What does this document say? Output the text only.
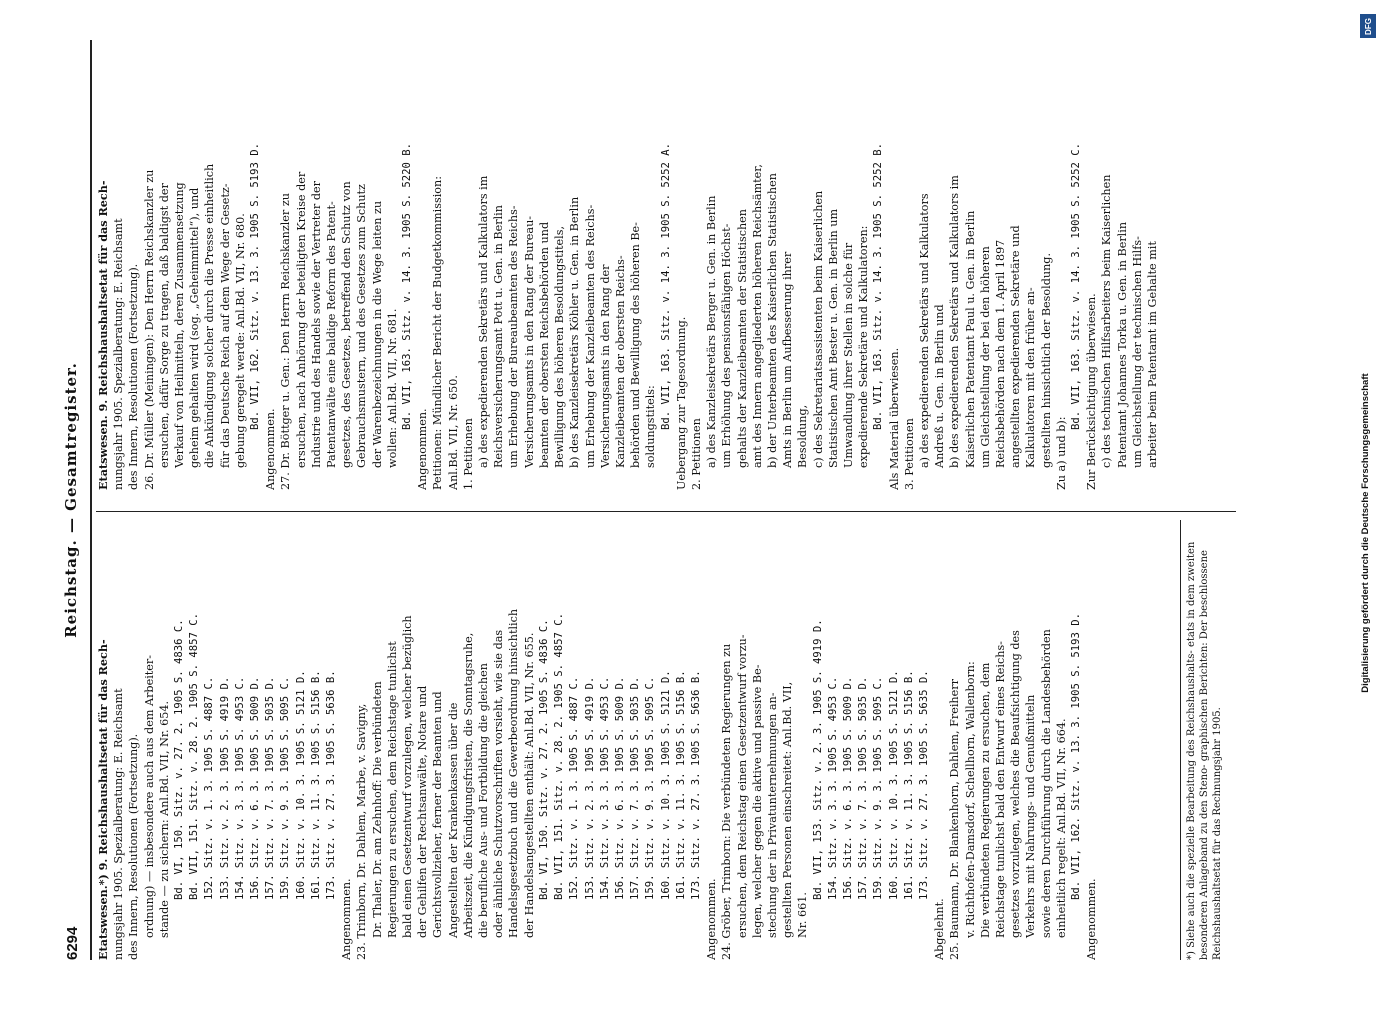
6294
Reichstag. — Gesamtregister.

Etatswesen.*) 9. Reichshaushaltsetat für das Rech- nungsjahr 1905. Spezialberatung: E. Reichsamt des Innern, Resolutionen (Fortsetzung). ordnung) — insbesondere auch aus dem Arbeiter- stande — zu sichern: Anl.Bd. VII, Nr. 654. Bd. VI, 150. Sitz. v. 27. 2. 1905 S. 4836 C. Bd. VII, 151. Sitz. v. 28. 2. 1905 S. 4857 C. 152. Sitz. v. 1. 3. 1905 S. 4887 C. 153. Sitz. v. 2. 3. 1905 S. 4919 D. 154. Sitz. v. 3. 3. 1905 S. 4953 C. 156. Sitz. v. 6. 3. 1905 S. 5009 D. 157. Sitz. v. 7. 3. 1905 S. 5035 D. 159. Sitz. v. 9. 3. 1905 S. 5095 C. 160. Sitz. v. 10. 3. 1905 S. 5121 D. 161. Sitz. v. 11. 3. 1905 S. 5156 B. 173. Sitz. v. 27. 3. 1905 S. 5636 B.

Angenommen. 23. Trimborn, Dr. Dahlem, Marbe, v. Savigny, Dr. Thaler, Dr. am Zehnhoff: Die verbündeten Regierungen zu ersuchen, dem Reichstage tunlichst bald einen Gesetzentwurf vorzulegen, welcher bezüglich der Gehilfen der Rechtsanwälte, Notare und Gerichtsvollzieher, ferner der Beamten und Angestellten der Krankenkassen über die Arbeitszeit, die Kündigungsfristen, die Sonntagsruhe, die berufliche Aus- und Fortbildung die gleichen oder ähnliche Schutzvorschriften vorsieht, wie sie das Handelsgesetzbuch und die Gewerbeordnung hinsichtlich der Handelsangestellten enthält: Anl.Bd. VII, Nr. 655. Bd. VI, 150. Sitz. v. 27. 2. 1905 S. 4836 C. Bd. VII, 151. Sitz. v. 28. 2. 1905 S. 4857 C. 152. Sitz. v. 1. 3. 1905 S. 4887 C. 153. Sitz. v. 2. 3. 1905 S. 4919 D. 154. Sitz. v. 3. 3. 1905 S. 4953 C. 156. Sitz. v. 6. 3. 1905 S. 5009 D. 157. Sitz. v. 7. 3. 1905 S. 5035 D. 159. Sitz. v. 9. 3. 1905 S. 5095 C. 160. Sitz. v. 10. 3. 1905 S. 5121 D. 161. Sitz. v. 11. 3. 1905 S. 5156 B. 173. Sitz. v. 27. 3. 1905 S. 5636 B.

Angenommen. 24. Gröber, Trimborn: Die verbündeten Regierungen zu ersuchen, dem Reichstag einen Gesetzentwurf vorzu- legen, welcher gegen die aktive und passive Be- stechung der in Privatunternehmungen an- gestellten Personen einschreitet: Anl.Bd. VII, Nr. 661.

Bd. VII, 153. Sitz. v. 2. 3. 1905 S. 4919 D. 154. Sitz. v. 3. 3. 1905 S. 4953 C. 156. Sitz. v. 6. 3. 1905 S. 5009 D. 157. Sitz. v. 7. 3. 1905 S. 5035 D. 159. Sitz. v. 9. 3. 1905 S. 5095 C. 160. Sitz. v. 10. 3. 1905 S. 5121 D. 161. Sitz. v. 11. 3. 1905 S. 5156 B. 173. Sitz. v. 27. 3. 1905 S. 5635 D.

Abgelehnt. 25. Baumann, Dr. Blankenhorn, Dahlem, Freiherr v. Richthofen-Damsdorf, Schellhorn, Wallenborn: Die verbündeten Regierungen zu ersuchen, dem Reichstage tunlichst bald den Entwurf eines Reichs- gesetzes vorzulegen, welches die Beaufsichtigung des Verkehrs mit Nahrungs- und Genußmitteln sowie deren Durchführung durch die Landesbehörden einheitlich regelt: Anl.Bd. VII, Nr. 664. Bd. VII, 162. Sitz. v. 13. 3. 1905 S. 5193 D.

Angenommen.

Etatswesen. 9. Reichshaushaltsetat für das Rech- nungsjahr 1905. Spezialberatung: E. Reichsamt des Innern, Resolutionen (Fortsetzung). 26. Dr. Müller (Meiningen): Den Herrn Reichskanzler zu ersuchen, dafür Sorge zu tragen, daß baldigst der Verkauf von Heilmitteln, deren Zusammensetzung geheim gehalten wird (sog. „Geheimmittel“), und die Ankündigung solcher durch die Presse einheitlich für das Deutsche Reich auf dem Wege der Gesetz- gebung geregelt werde: Anl.Bd. VII, Nr. 680. Bd. VII, 162. Sitz. v. 13. 3. 1905 S. 5193 D.

Angenommen. 27. Dr. Böttger u. Gen.: Den Herrn Reichskanzler zu ersuchen, nach Anhörung der beteiligten Kreise der Industrie und des Handels sowie der Vertreter der Patentanwälte eine baldige Reform des Patent- gesetzes, des Gesetzes, betreffend den Schutz von Gebrauchsmustern, und des Gesetzes zum Schutz der Warenbezeichnungen in die Wege leiten zu wollen: Anl.Bd. VII, Nr. 681. Bd. VII, 163. Sitz. v. 14. 3. 1905 S. 5220 B.

Angenommen. Petitionen: Mündlicher Bericht der Budgetkommission: Anl.Bd. VII, Nr. 650. 1. Petitionen a) des expedierenden Sekretärs und Kalkulators im Reichsversicherungsamt Pott u. Gen. in Berlin um Erhebung der Bureaubeamten des Reichs- Versicherungsamts in den Rang der Bureau- beamten der obersten Reichsbehörden und Bewilligung des höheren Besoldungstitels, b) des Kanzleisekretärs Köhler u. Gen. in Berlin um Erhebung der Kanzleibeamten des Reichs- Versicherungsamts in den Rang der Kanzleibeamten der obersten Reichs- behörden und Bewilligung des höheren Be- soldungstitels: Bd. VII, 163. Sitz. v. 14. 3. 1905 S. 5252 A. Uebergang zur Tagesordnung. 2. Petitionen a) des Kanzleisekretärs Berger u. Gen. in Berlin um Erhöhung des pensionsfähigen Höchst- gehalts der Kanzleibeamten der Statistischen amt des Innern angegliederten höheren Reichsämter, b) der Unterbeamten des Kaiserlichen Statistischen Amts in Berlin um Aufbesserung ihrer Besoldung, c) des Sekretariatsassistenten beim Kaiserlichen Statistischen Amt Bester u. Gen. in Berlin um Umwandlung ihrer Stellen in solche für expedierende Sekretäre und Kalkulatoren: Bd. VII, 163. Sitz. v. 14. 3. 1905 S. 5252 B. Als Material überwiesen. 3. Petitionen a) des expedierenden Sekretärs und Kalkulators Andreß u. Gen. in Berlin und b) des expedierenden Sekretärs und Kalkulators im Kaiserlichen Patentamt Paul u. Gen. in Berlin um Gleichstellung der bei den höheren Reichsbehörden nach dem 1. April 1897 angestellten expedierenden Sekretäre und Kalkulatoren mit den früher an- gestellten hinsichtlich der Besoldung. Zu a) und b):

Bd. VII, 163. Sitz. v. 14. 3. 1905 S. 5252 C. Zur Berücksichtigung überwiesen. c) des technischen Hilfsarbeiters beim Kaiserlichen Patentamt Johannes Torka u. Gen. in Berlin um Gleichstellung der technischen Hilfs- arbeiter beim Patentamt im Gehalte mit

*) Siehe auch die spezielle Bearbeitung des Reichshaushalts- etats in dem zweiten besonderen Anlageband zu den Steno- graphischen Berichten: Der beschlossene Reichshaushaltsetat für das Rechnungsjahr 1905.
DFG
Digitalisierung gefördert durch die Deutsche Forschungsgemeinschaft
